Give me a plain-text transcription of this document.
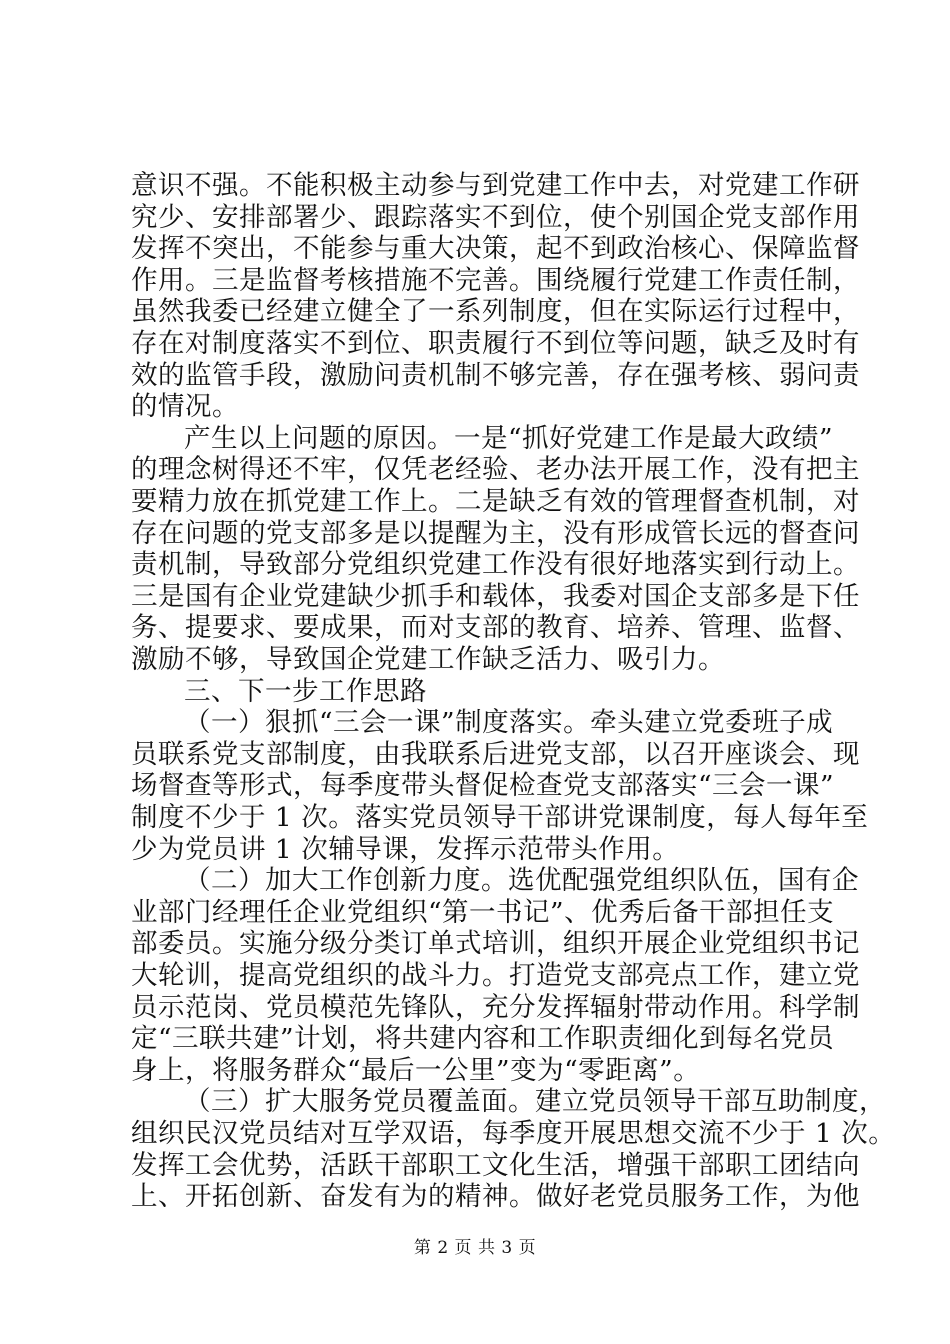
意识不强。不能积极主动参与到党建工作中去，对党建工作研
究少、安排部署少、跟踪落实不到位，使个别国企党支部作用
发挥不突出，不能参与重大决策，起不到政治核心、保障监督
作用。三是监督考核措施不完善。围绕履行党建工作责任制，
虽然我委已经建立健全了一系列制度，但在实际运行过程中，
存在对制度落实不到位、职责履行不到位等问题，缺乏及时有
效的监管手段，激励问责机制不够完善，存在强考核、弱问责
的情况。
产生以上问题的原因。一是“抓好党建工作是最大政绩”
的理念树得还不牢，仅凭老经验、老办法开展工作，没有把主
要精力放在抓党建工作上。二是缺乏有效的管理督查机制，对
存在问题的党支部多是以提醒为主，没有形成管长远的督查问
责机制，导致部分党组织党建工作没有很好地落实到行动上。
三是国有企业党建缺少抓手和载体，我委对国企支部多是下任
务、提要求、要成果，而对支部的教育、培养、管理、监督、
激励不够，导致国企党建工作缺乏活力、吸引力。
三、下一步工作思路
（一）狠抓“三会一课”制度落实。牵头建立党委班子成
员联系党支部制度，由我联系后进党支部，以召开座谈会、现
场督查等形式，每季度带头督促检查党支部落实“三会一课”
制度不少于 1 次。落实党员领导干部讲党课制度，每人每年至
少为党员讲 1 次辅导课，发挥示范带头作用。
（二）加大工作创新力度。选优配强党组织队伍，国有企
业部门经理任企业党组织“第一书记”、优秀后备干部担任支
部委员。实施分级分类订单式培训，组织开展企业党组织书记
大轮训，提高党组织的战斗力。打造党支部亮点工作，建立党
员示范岗、党员模范先锋队，充分发挥辐射带动作用。科学制
定“三联共建”计划，将共建内容和工作职责细化到每名党员
身上，将服务群众“最后一公里”变为“零距离”。
（三）扩大服务党员覆盖面。建立党员领导干部互助制度，
组织民汉党员结对互学双语，每季度开展思想交流不少于 1 次。
发挥工会优势，活跃干部职工文化生活，增强干部职工团结向
上、开拓创新、奋发有为的精神。做好老党员服务工作，为他
第 2 页 共 3 页
